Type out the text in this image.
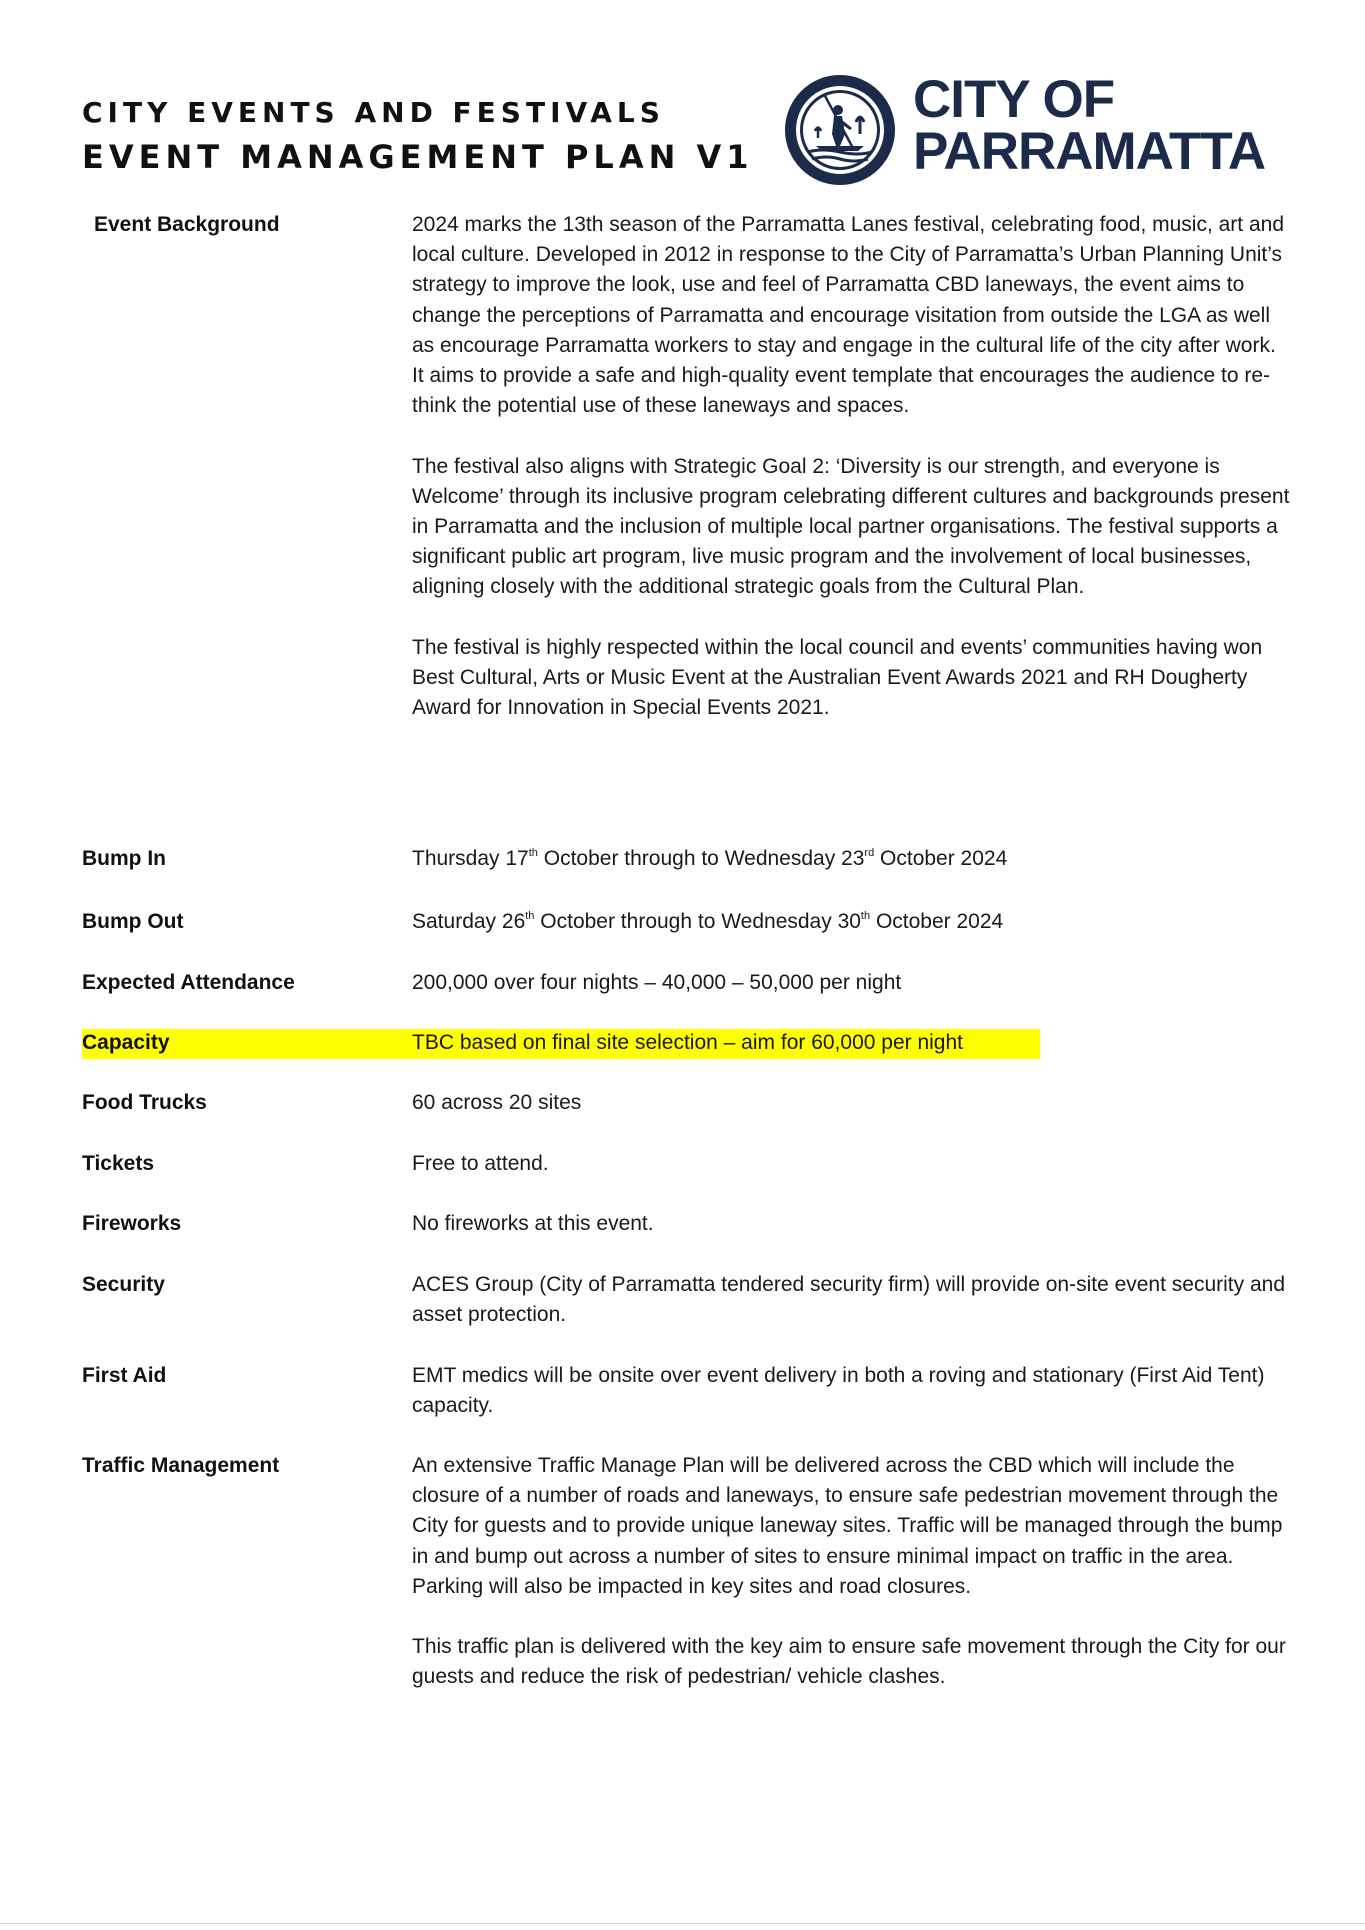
CITY EVENTS AND FESTIVALS
EVENT MANAGEMENT PLAN V1
CITY OF
PARRAMATTA
Event Background	2024 marks the 13th season of the Parramatta Lanes festival, celebrating food, music, art and local culture. Developed in 2012 in response to the City of Parramatta’s Urban Planning Unit’s strategy to improve the look, use and feel of Parramatta CBD laneways, the event aims to change the perceptions of Parramatta and encourage visitation from outside the LGA as well as encourage Parramatta workers to stay and engage in the cultural life of the city after work. It aims to provide a safe and high-quality event template that encourages the audience to re-think the potential use of these laneways and spaces.

The festival also aligns with Strategic Goal 2: ‘Diversity is our strength, and everyone is Welcome’ through its inclusive program celebrating different cultures and backgrounds present in Parramatta and the inclusion of multiple local partner organisations. The festival supports a significant public art program, live music program and the involvement of local businesses, aligning closely with the additional strategic goals from the Cultural Plan.

The festival is highly respected within the local council and events’ communities having won Best Cultural, Arts or Music Event at the Australian Event Awards 2021 and RH Dougherty Award for Innovation in Special Events 2021.

Bump In	Thursday 17th October through to Wednesday 23rd October 2024
Bump Out	Saturday 26th October through to Wednesday 30th October 2024
Expected Attendance	200,000 over four nights – 40,000 – 50,000 per night
Capacity	TBC based on final site selection – aim for 60,000 per night
Food Trucks	60 across 20 sites
Tickets	Free to attend.
Fireworks	No fireworks at this event.
Security	ACES Group (City of Parramatta tendered security firm) will provide on-site event security and asset protection.
First Aid	EMT medics will be onsite over event delivery in both a roving and stationary (First Aid Tent) capacity.
Traffic Management	An extensive Traffic Manage Plan will be delivered across the CBD which will include the closure of a number of roads and laneways, to ensure safe pedestrian movement through the City for guests and to provide unique laneway sites. Traffic will be managed through the bump in and bump out across a number of sites to ensure minimal impact on traffic in the area. Parking will also be impacted in key sites and road closures.

This traffic plan is delivered with the key aim to ensure safe movement through the City for our guests and reduce the risk of pedestrian/ vehicle clashes.
